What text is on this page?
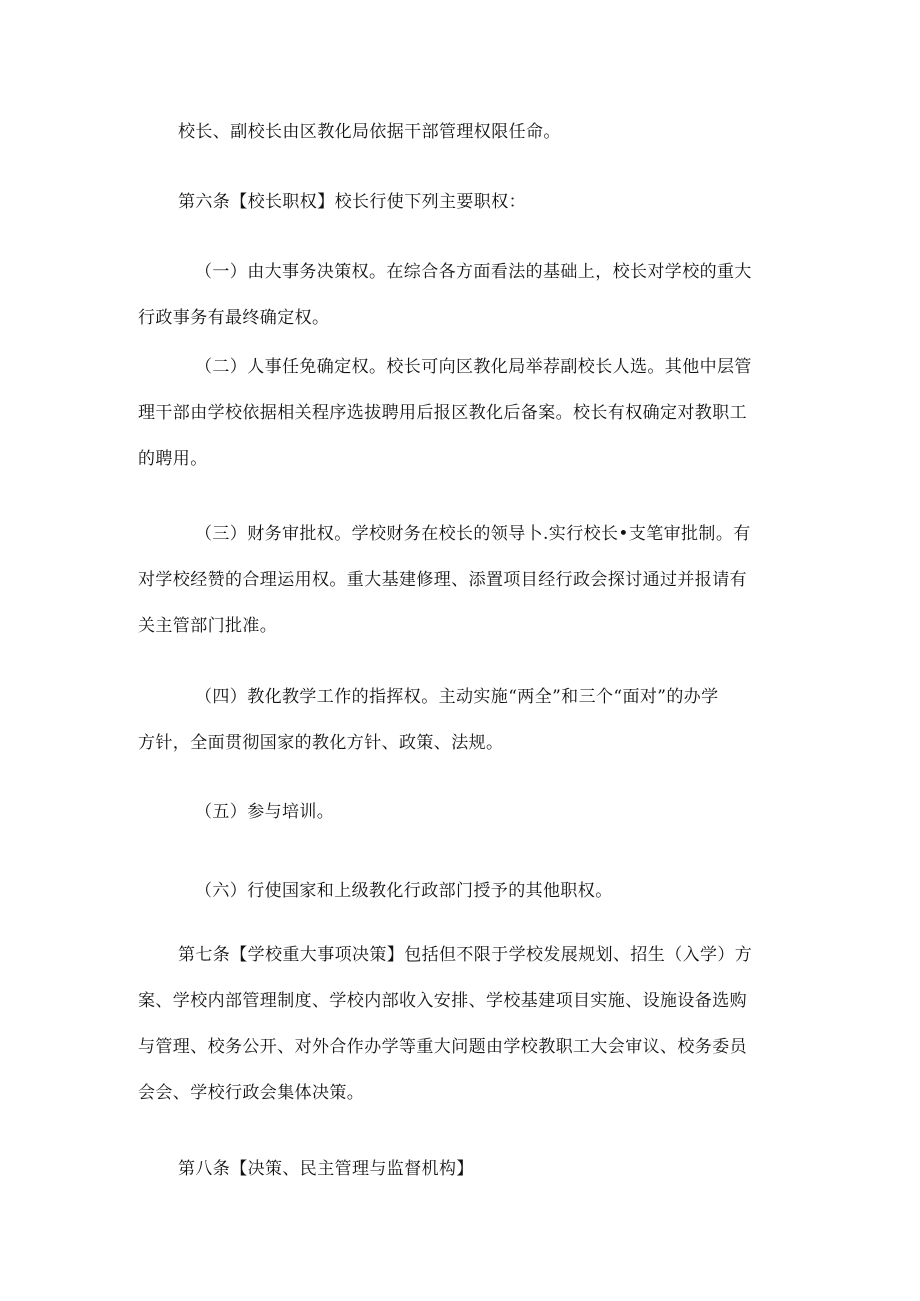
校长、副校长由区教化局依据干部管理权限任命。

第六条【校长职权】校长行使下列主要职权：

（一）由大事务决策权。在综合各方面看法的基础上，校长对学校的重大
行政事务有最终确定权。

（二）人事任免确定权。校长可向区教化局举荐副校长人选。其他中层管
理干部由学校依据相关程序选拔聘用后报区教化后备案。校长有权确定对教职工
的聘用。

（三）财务审批权。学校财务在校长的领导卜.实行校长•支笔审批制。有
对学校经赞的合理运用权。重大基建修理、添置项目经行政会探讨通过并报请有
关主管部门批准。

（四）教化教学工作的指挥权。主动实施“两全”和三个“面对”的办学
方针，全面贯彻国家的教化方针、政策、法规。

（五）参与培训。

（六）行使国家和上级教化行政部门授予的其他职权。

第七条【学校重大事项决策】包括但不限于学校发展规划、招生（入学）方
案、学校内部管理制度、学校内部收入安排、学校基建项目实施、设施设备选购
与管理、校务公开、对外合作办学等重大问题由学校教职工大会审议、校务委员
会会、学校行政会集体决策。

第八条【决策、民主管理与监督机构】
